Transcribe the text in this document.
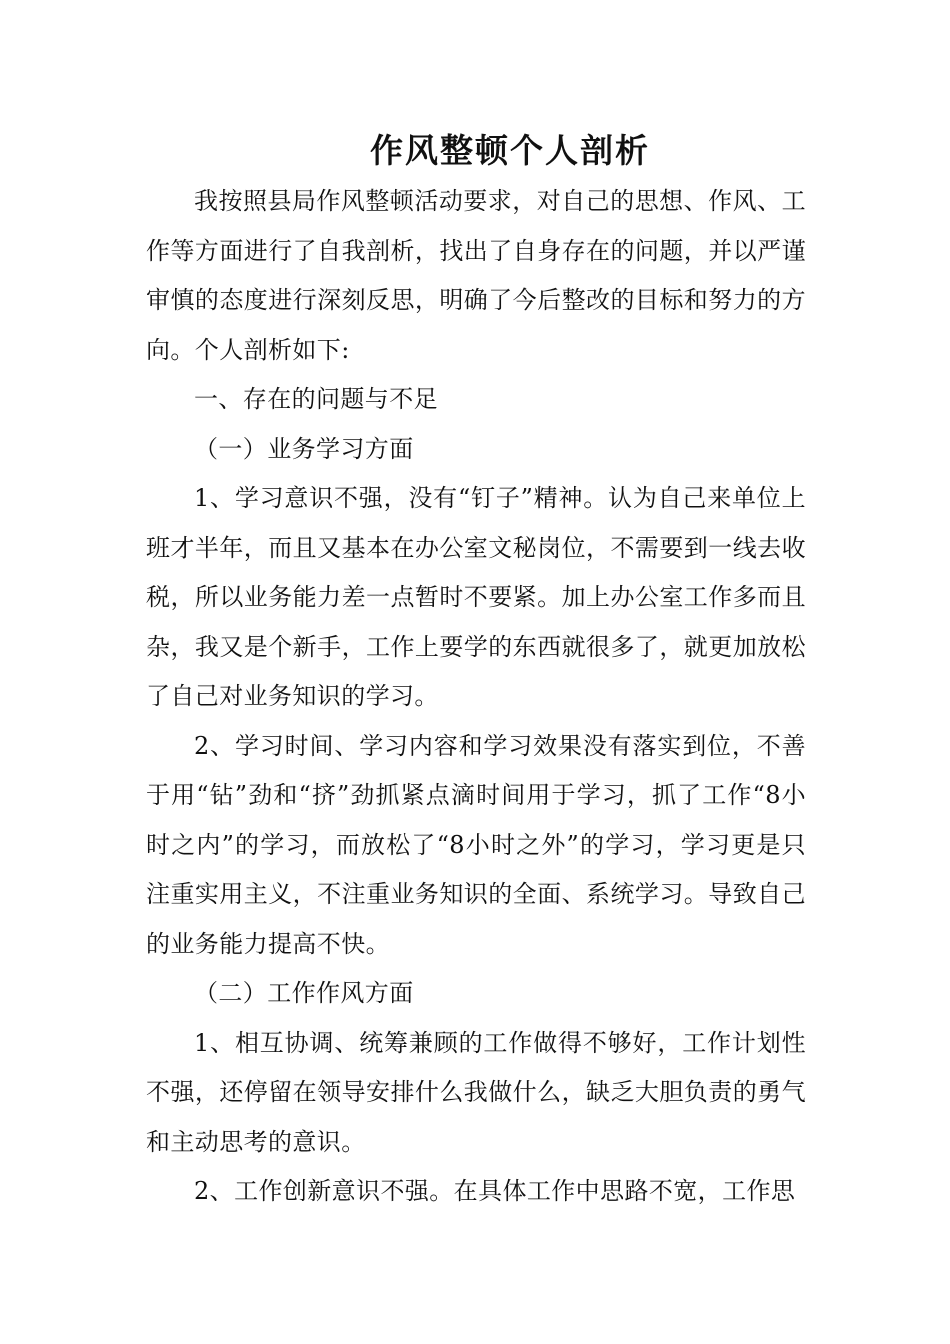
作风整顿个人剖析

我按照县局作风整顿活动要求，对自己的思想、作风、工作等方面进行了自我剖析，找出了自身存在的问题，并以严谨审慎的态度进行深刻反思，明确了今后整改的目标和努力的方向。个人剖析如下:

一、存在的问题与不足

（一）业务学习方面

1、学习意识不强，没有“钉子”精神。认为自己来单位上班才半年，而且又基本在办公室文秘岗位，不需要到一线去收税，所以业务能力差一点暂时不要紧。加上办公室工作多而且杂，我又是个新手，工作上要学的东西就很多了，就更加放松了自己对业务知识的学习。

2、学习时间、学习内容和学习效果没有落实到位，不善于用“钻”劲和“挤”劲抓紧点滴时间用于学习，抓了工作“8小时之内”的学习，而放松了“8小时之外”的学习，学习更是只注重实用主义，不注重业务知识的全面、系统学习。导致自己的业务能力提高不快。

（二）工作作风方面

1、相互协调、统筹兼顾的工作做得不够好，工作计划性不强，还停留在领导安排什么我做什么，缺乏大胆负责的勇气和主动思考的意识。

2、工作创新意识不强。在具体工作中思路不宽，工作思
